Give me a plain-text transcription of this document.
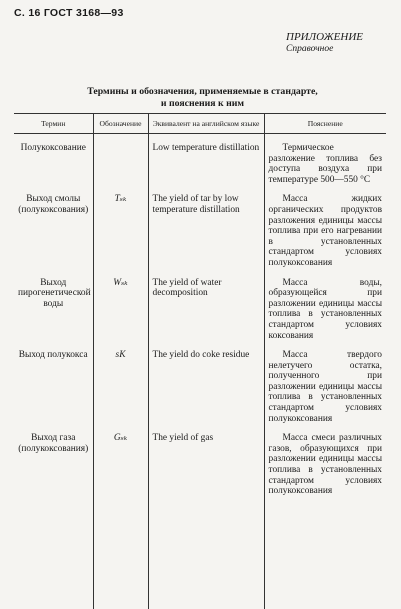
С. 16 ГОСТ 3168—93
ПРИЛОЖЕНИЕ
Справочное
Термины и обозначения, применяемые в стандарте,
и пояснения к ним
Термин	Обозначение	Эквивалент на английском языке	Пояснение
Полукоксование		Low temperature distillation	Термическое разложение топлива без доступа воздуха при температуре 500—550 °С
Выход смолы (полукоксования)	Tₛₖ	The yield of tar by low temperature distillation	Масса жидких органических продуктов разложения единицы массы топлива при его нагревании в установленных стандартом условиях полукоксования
Выход пирогенетической воды	Wₛₖ	The yield of water decomposition	Масса воды, образующейся при разложении единицы массы топлива в установленных стандартом условиях коксования
Выход полукокса	sK	The yield do coke residue	Масса твердого нелетучего остатка, полученного при разложении единицы массы топлива в установленных стандартом условиях полукоксования
Выход газа (полукоксования)	Gₛₖ	The yield of gas	Масса смеси различных газов, образующихся при разложении единицы массы топлива в установленных стандартом условиях полукоксования
